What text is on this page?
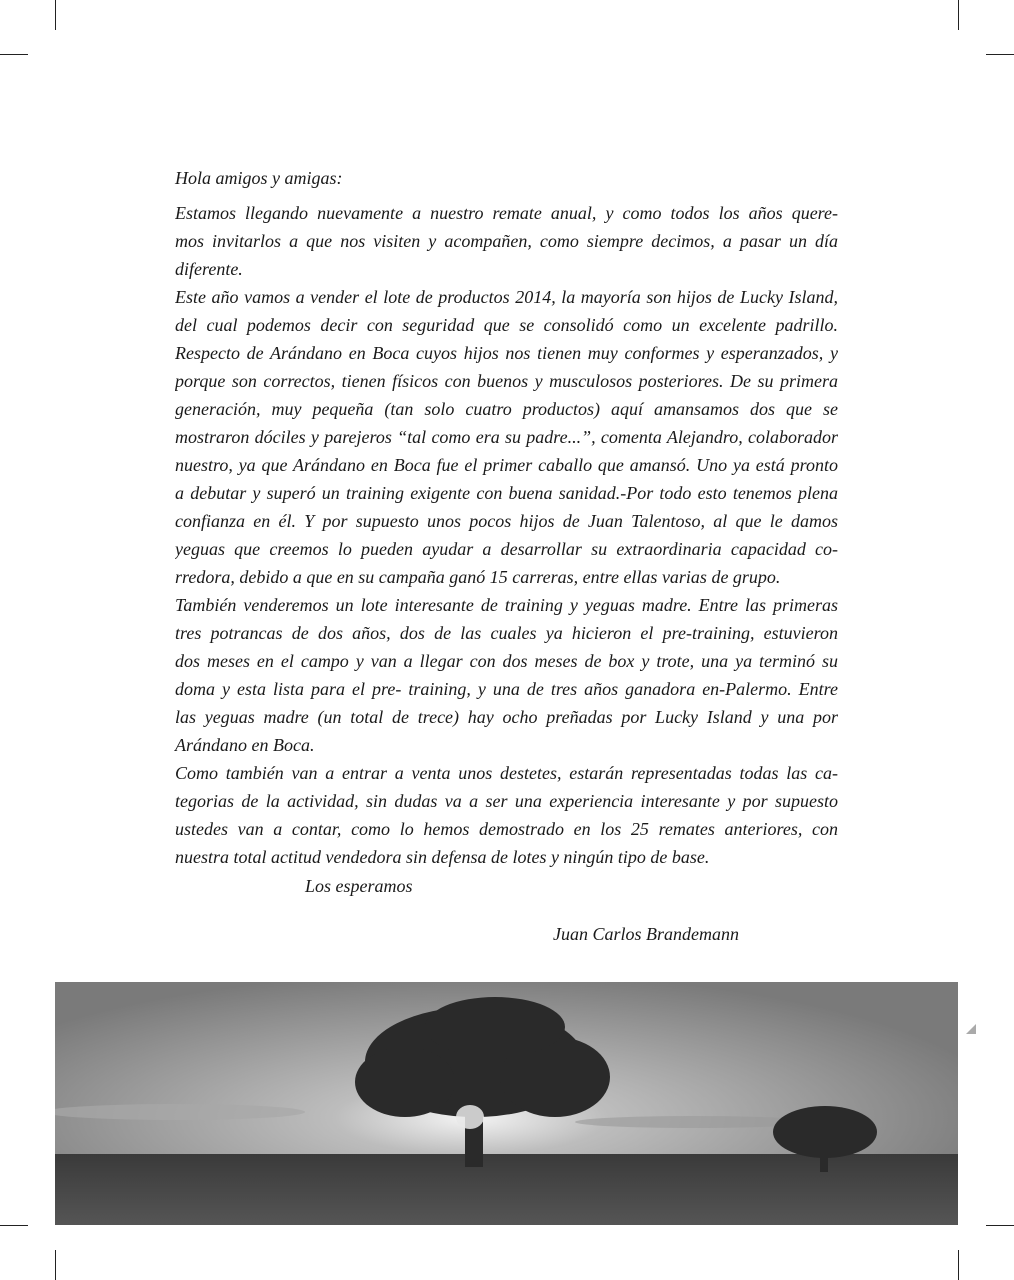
Hola amigos y amigas:
Estamos llegando nuevamente a nuestro remate anual, y como todos los años quere-
mos invitarlos a que nos visiten y acompañen, como siempre decimos, a pasar un día
diferente.
Este año vamos a vender el lote de productos 2014, la mayoría son hijos de Lucky Island,
del cual podemos decir con seguridad que se consolidó como un excelente padrillo.
Respecto de Arándano en Boca cuyos hijos nos tienen muy conformes y esperanzados, y
porque son correctos, tienen físicos con buenos y musculosos posteriores. De su primera
generación, muy pequeña (tan solo cuatro productos) aquí amansamos dos que se
mostraron dóciles y parejeros “tal como era su padre...”, comenta Alejandro, colaborador
nuestro, ya que Arándano en Boca fue el primer caballo que amansó. Uno ya está pronto
a debutar y superó un training exigente con buena sanidad.-Por todo esto tenemos plena
confianza en él. Y por supuesto unos pocos hijos de Juan Talentoso, al que le damos
yeguas que creemos lo pueden ayudar a desarrollar su extraordinaria capacidad co-
rredora, debido a que en su campaña ganó 15 carreras, entre ellas varias de grupo.
También venderemos un lote interesante de training y yeguas madre. Entre las primeras
tres potrancas de dos años, dos de las cuales ya hicieron el pre-training, estuvieron
dos meses en el campo y van a llegar con dos meses de box y trote, una ya terminó su
doma y esta lista para el pre- training, y una de tres años ganadora en-Palermo. Entre
las yeguas madre (un total de trece) hay ocho preñadas por Lucky Island y una por
Arándano en Boca.
Como también van a entrar a venta unos destetes, estarán representadas todas las ca-
tegorias de la actividad, sin dudas va a ser una experiencia interesante y por supuesto
ustedes van a contar, como lo hemos demostrado en los 25 remates anteriores, con
nuestra total actitud vendedora sin defensa de lotes y ningún tipo de base.
Los esperamos
Juan Carlos Brandemann
